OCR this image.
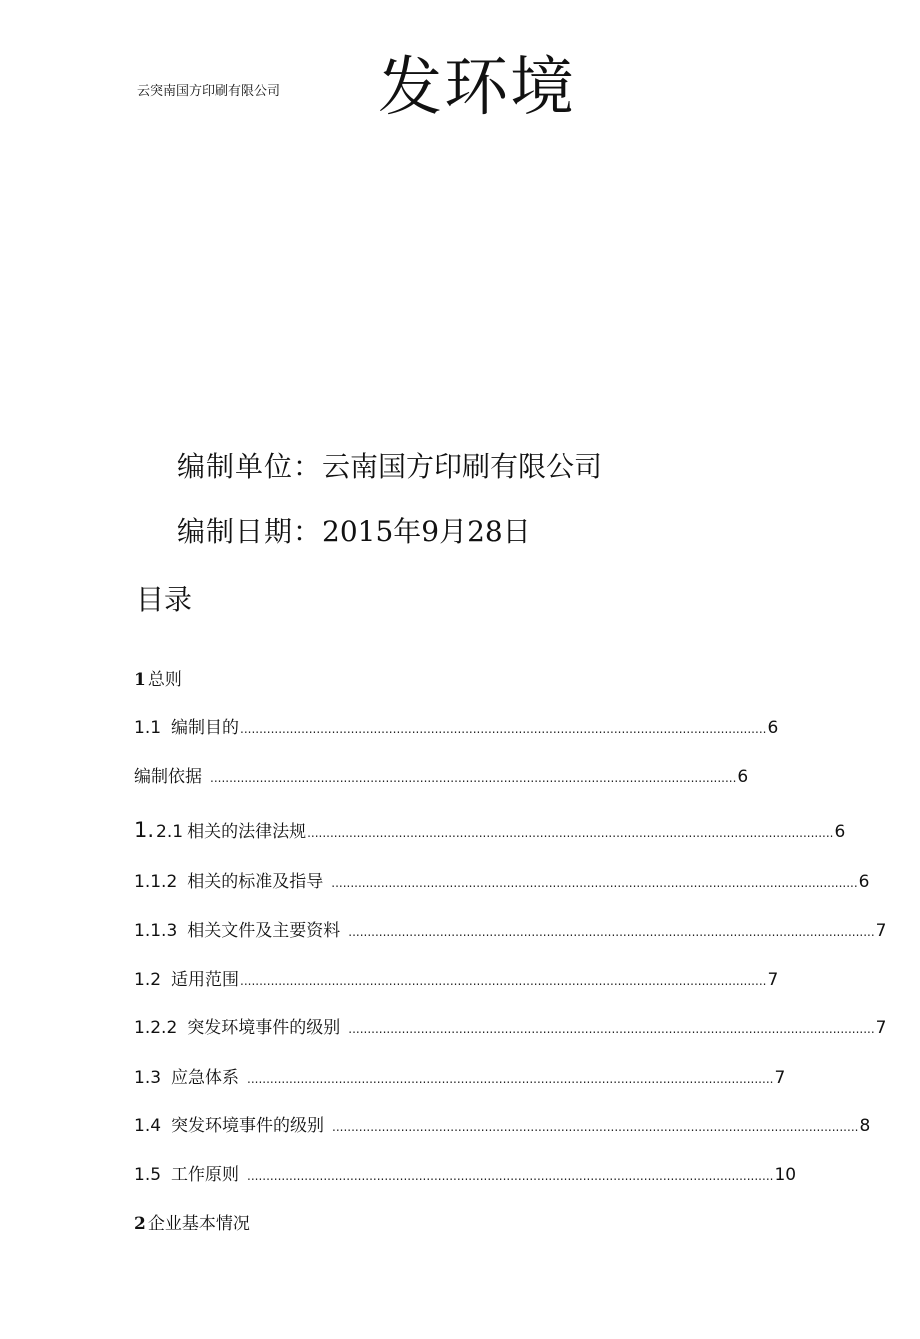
云突南国方印刷有限公司 发环境
编制单位：云南国方印刷有限公司
编制日期：2015年9月28日
目录
1 总则
1.1 编制目的 .......................................................................................................................................... 6
编制依据 .......................................................................................................................................... 6
1. 2.1 相关的法律法规 .......................................................................................................................................... 6
1.1.2 相关的标准及指导 .......................................................................................................................................... 6
1.1.3 相关文件及主要资料 .......................................................................................................................................... 7
1.2 适用范围 .......................................................................................................................................... 7
1.2.2 突发环境事件的级别 .......................................................................................................................................... 7
1.3 应急体系 .......................................................................................................................................... 7
1.4 突发环境事件的级别 .......................................................................................................................................... 8
1.5 工作原则 .......................................................................................................................................... 10
2 企业基本情况
